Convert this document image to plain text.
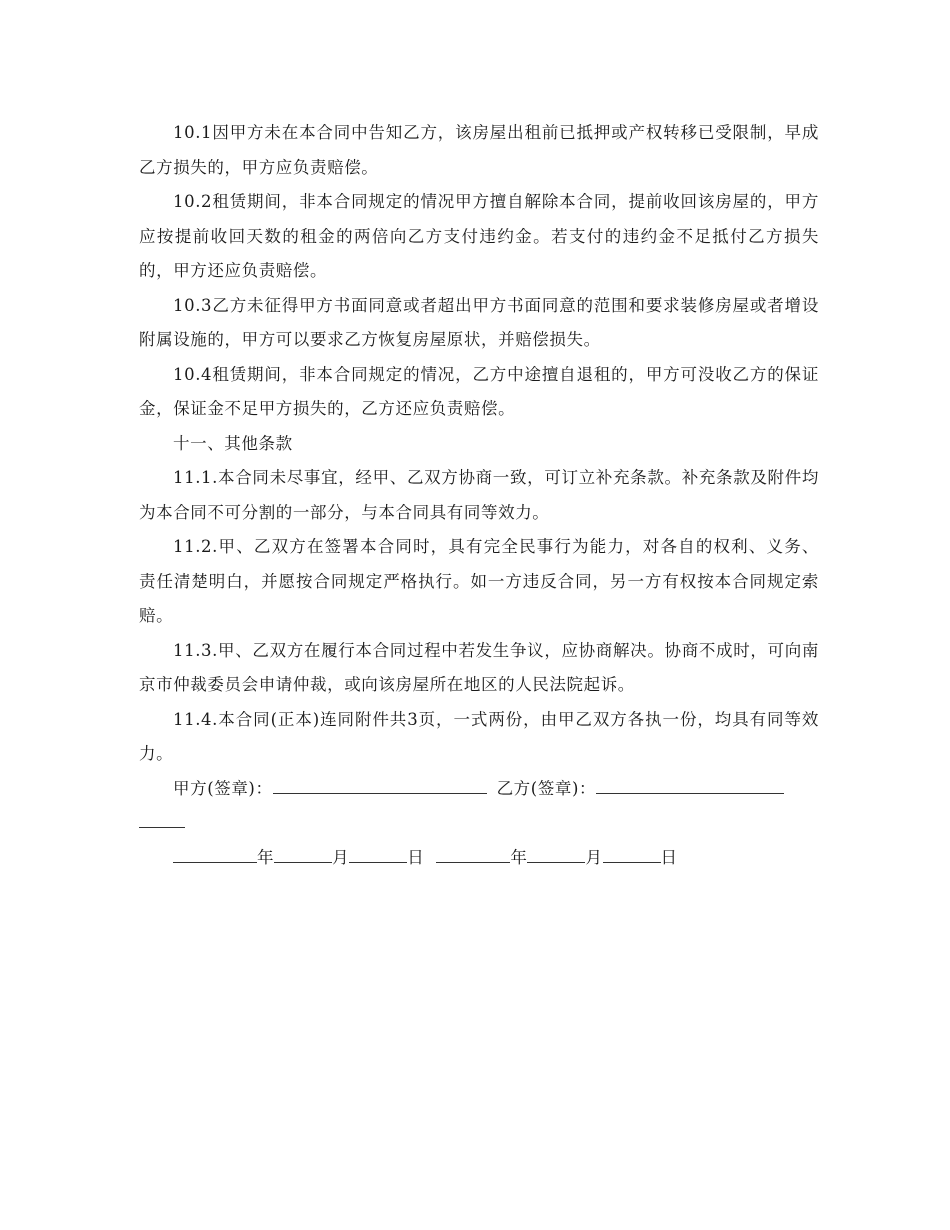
10.1因甲方未在本合同中告知乙方，该房屋出租前已抵押或产权转移已受限制，早成乙方损失的，甲方应负责赔偿。

10.2租赁期间，非本合同规定的情况甲方擅自解除本合同，提前收回该房屋的，甲方应按提前收回天数的租金的两倍向乙方支付违约金。若支付的违约金不足抵付乙方损失的，甲方还应负责赔偿。

10.3乙方未征得甲方书面同意或者超出甲方书面同意的范围和要求装修房屋或者增设附属设施的，甲方可以要求乙方恢复房屋原状，并赔偿损失。

10.4租赁期间，非本合同规定的情况，乙方中途擅自退租的，甲方可没收乙方的保证金，保证金不足甲方损失的，乙方还应负责赔偿。

十一、其他条款

11.1.本合同未尽事宜，经甲、乙双方协商一致，可订立补充条款。补充条款及附件均为本合同不可分割的一部分，与本合同具有同等效力。

11.2.甲、乙双方在签署本合同时，具有完全民事行为能力，对各自的权利、义务、 责任清楚明白，并愿按合同规定严格执行。如一方违反合同，另一方有权按本合同规定索赔。

11.3.甲、乙双方在履行本合同过程中若发生争议，应协商解决。协商不成时，可向南京市仲裁委员会申请仲裁，或向该房屋所在地区的人民法院起诉。

11.4.本合同(正本)连同附件共3页，一式两份，由甲乙双方各执一份，均具有同等效力。

甲方(签章)：	乙方(签章)：

年	月	日	年	月	日
